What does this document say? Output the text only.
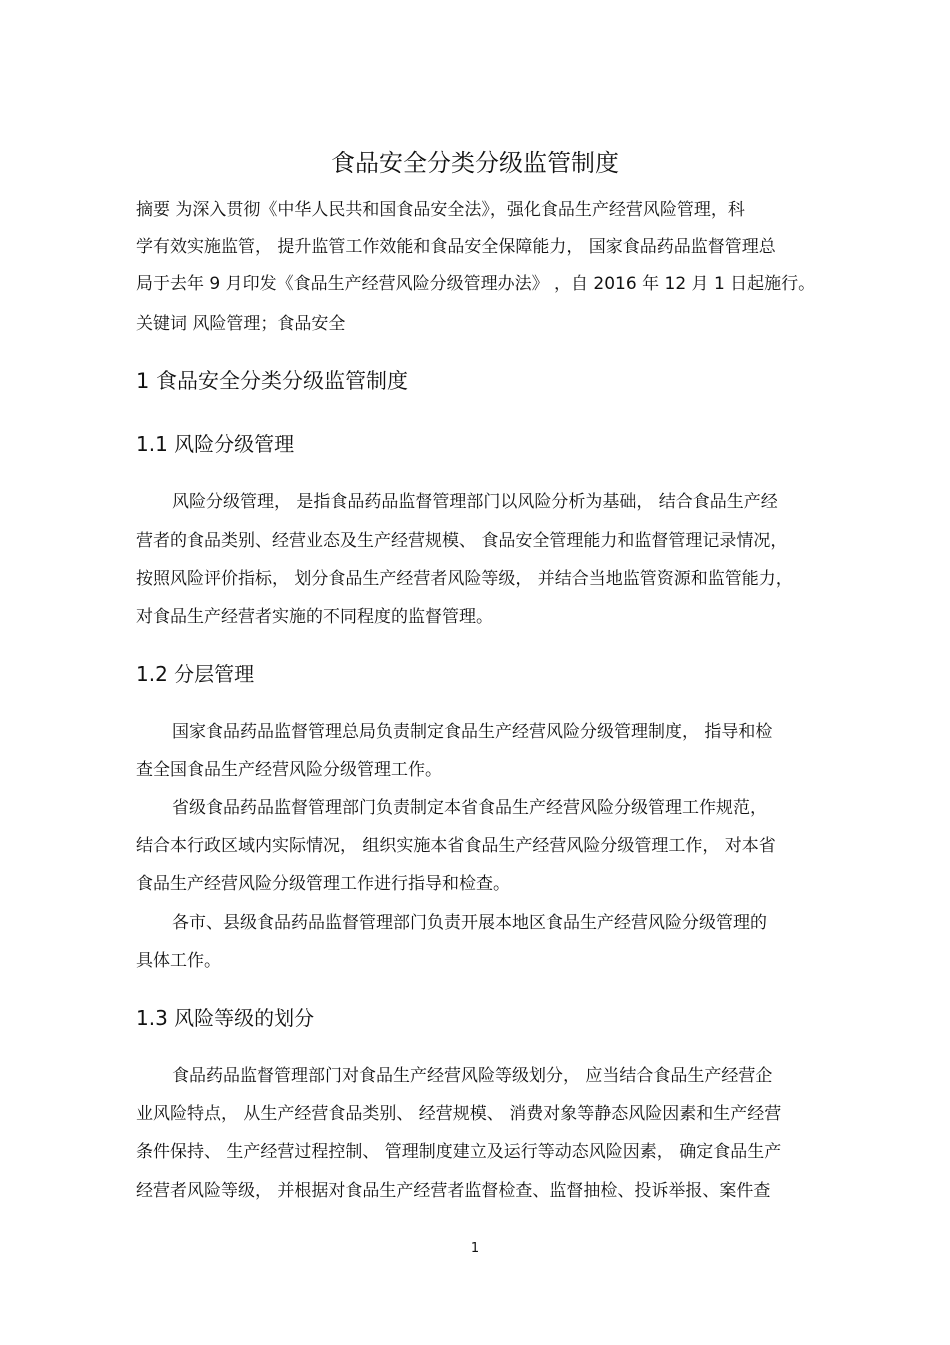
食品安全分类分级监管制度
摘要 为深入贯彻《中华人民共和国食品安全法》，强化食品生产经营风险管理，科
学有效实施监管， 提升监管工作效能和食品安全保障能力， 国家食品药品监督管理总
局于去年 9 月印发《食品生产经营风险分级管理办法》 ，自 2016 年 12 月 1 日起施行。
关键词 风险管理；食品安全
1 食品安全分类分级监管制度
1.1 风险分级管理
风险分级管理， 是指食品药品监督管理部门以风险分析为基础， 结合食品生产经
营者的食品类别、经营业态及生产经营规模、 食品安全管理能力和监督管理记录情况，
按照风险评价指标， 划分食品生产经营者风险等级， 并结合当地监管资源和监管能力，
对食品生产经营者实施的不同程度的监督管理。
1.2 分层管理
国家食品药品监督管理总局负责制定食品生产经营风险分级管理制度， 指导和检
查全国食品生产经营风险分级管理工作。
省级食品药品监督管理部门负责制定本省食品生产经营风险分级管理工作规范，
结合本行政区域内实际情况， 组织实施本省食品生产经营风险分级管理工作， 对本省
食品生产经营风险分级管理工作进行指导和检查。
各市、县级食品药品监督管理部门负责开展本地区食品生产经营风险分级管理的
具体工作。
1.3 风险等级的划分
食品药品监督管理部门对食品生产经营风险等级划分， 应当结合食品生产经营企
业风险特点， 从生产经营食品类别、 经营规模、 消费对象等静态风险因素和生产经营
条件保持、 生产经营过程控制、 管理制度建立及运行等动态风险因素， 确定食品生产
经营者风险等级， 并根据对食品生产经营者监督检查、监督抽检、投诉举报、案件查
1
